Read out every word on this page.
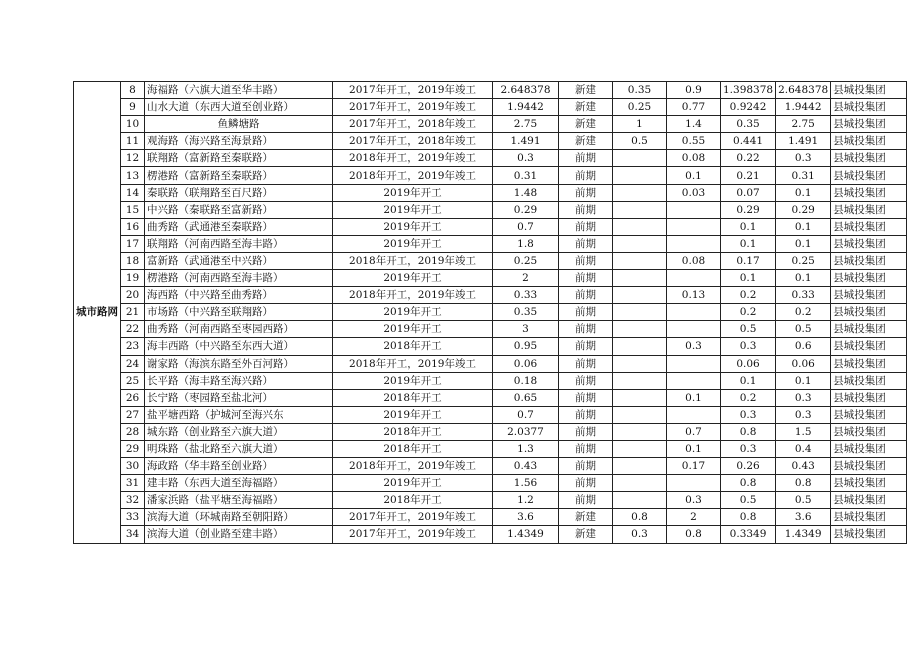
城市路网	8	海福路（六旗大道至华丰路）	2017年开工，2019年竣工	2.648378	新建	0.35	0.9	1.398378	2.648378	县城投集团
	9	山水大道（东西大道至创业路）	2017年开工，2019年竣工	1.9442	新建	0.25	0.77	0.9242	1.9442	县城投集团
	10	鱼鳞塘路	2017年开工，2018年竣工	2.75	新建	1	1.4	0.35	2.75	县城投集团
	11	观海路（海兴路至海景路）	2017年开工，2018年竣工	1.491	新建	0.5	0.55	0.441	1.491	县城投集团
	12	联翔路（富新路至秦联路）	2018年开工，2019年竣工	0.3	前期		0.08	0.22	0.3	县城投集团
	13	楞港路（富新路至秦联路）	2018年开工，2019年竣工	0.31	前期		0.1	0.21	0.31	县城投集团
	14	秦联路（联翔路至百尺路）	2019年开工	1.48	前期		0.03	0.07	0.1	县城投集团
	15	中兴路（秦联路至富新路）	2019年开工	0.29	前期			0.29	0.29	县城投集团
	16	曲秀路（武通港至秦联路）	2019年开工	0.7	前期			0.1	0.1	县城投集团
	17	联翔路（河南西路至海丰路）	2019年开工	1.8	前期			0.1	0.1	县城投集团
	18	富新路（武通港至中兴路）	2018年开工，2019年竣工	0.25	前期		0.08	0.17	0.25	县城投集团
	19	楞港路（河南西路至海丰路）	2019年开工	2	前期			0.1	0.1	县城投集团
	20	海西路（中兴路至曲秀路）	2018年开工，2019年竣工	0.33	前期		0.13	0.2	0.33	县城投集团
	21	市场路（中兴路至联翔路）	2019年开工	0.35	前期			0.2	0.2	县城投集团
	22	曲秀路（河南西路至枣园西路）	2019年开工	3	前期			0.5	0.5	县城投集团
	23	海丰西路（中兴路至东西大道）	2018年开工	0.95	前期		0.3	0.3	0.6	县城投集团
	24	谢家路（海滨东路至外百河路）	2018年开工，2019年竣工	0.06	前期			0.06	0.06	县城投集团
	25	长平路（海丰路至海兴路）	2019年开工	0.18	前期			0.1	0.1	县城投集团
	26	长宁路（枣园路至盐北河）	2018年开工	0.65	前期		0.1	0.2	0.3	县城投集团
	27	盐平塘西路（护城河至海兴东	2019年开工	0.7	前期			0.3	0.3	县城投集团
	28	城东路（创业路至六旗大道）	2018年开工	2.0377	前期		0.7	0.8	1.5	县城投集团
	29	明珠路（盐北路至六旗大道）	2018年开工	1.3	前期		0.1	0.3	0.4	县城投集团
	30	海政路（华丰路至创业路）	2018年开工，2019年竣工	0.43	前期		0.17	0.26	0.43	县城投集团
	31	建丰路（东西大道至海福路）	2019年开工	1.56	前期			0.8	0.8	县城投集团
	32	潘家浜路（盐平塘至海福路）	2018年开工	1.2	前期		0.3	0.5	0.5	县城投集团
	33	滨海大道（环城南路至朝阳路）	2017年开工，2019年竣工	3.6	新建	0.8	2	0.8	3.6	县城投集团
	34	滨海大道（创业路至建丰路）	2017年开工，2019年竣工	1.4349	新建	0.3	0.8	0.3349	1.4349	县城投集团
